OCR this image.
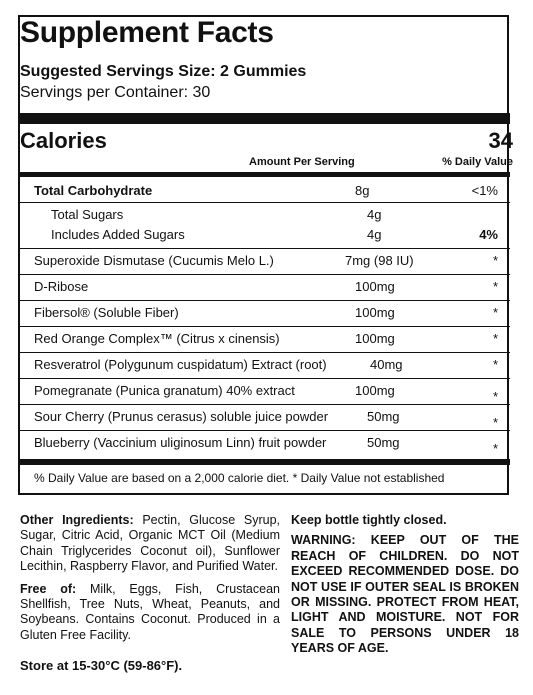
Supplement Facts
Suggested Servings Size: 2 Gummies
Servings per Container: 30
Calories	34
Amount Per Serving	% Daily Value
Total Carbohydrate	8g	<1%
Total Sugars	4g
Includes Added Sugars	4g	4%
Superoxide Dismutase (Cucumis Melo L.)	7mg (98 IU)	*
D-Ribose	100mg	*
Fibersol® (Soluble Fiber)	100mg	*
Red Orange Complex™ (Citrus x cinensis)	100mg	*
Resveratrol (Polygunum cuspidatum) Extract (root)	40mg	*
Pomegranate (Punica granatum) 40% extract	100mg	*
Sour Cherry (Prunus cerasus) soluble juice powder	50mg	*
Blueberry (Vaccinium uliginosum Linn) fruit powder	50mg	*
% Daily Value are based on a 2,000 calorie diet. * Daily Value not established

Other Ingredients: Pectin, Glucose Syrup, Sugar, Citric Acid, Organic MCT Oil (Medium Chain Triglycerides Coconut oil), Sunflower Lecithin, Raspberry Flavor, and Purified Water.

Free of: Milk, Eggs, Fish, Crustacean Shellfish, Tree Nuts, Wheat, Peanuts, and Soybeans. Contains Coconut. Produced in a Gluten Free Facility.

Store at 15-30°C (59-86°F).

Keep bottle tightly closed.

WARNING: KEEP OUT OF THE REACH OF CHILDREN. DO NOT EXCEED RECOMMENDED DOSE. DO NOT USE IF OUTER SEAL IS BROKEN OR MISSING. PROTECT FROM HEAT, LIGHT AND MOISTURE. NOT FOR SALE TO PERSONS UNDER 18 YEARS OF AGE.
